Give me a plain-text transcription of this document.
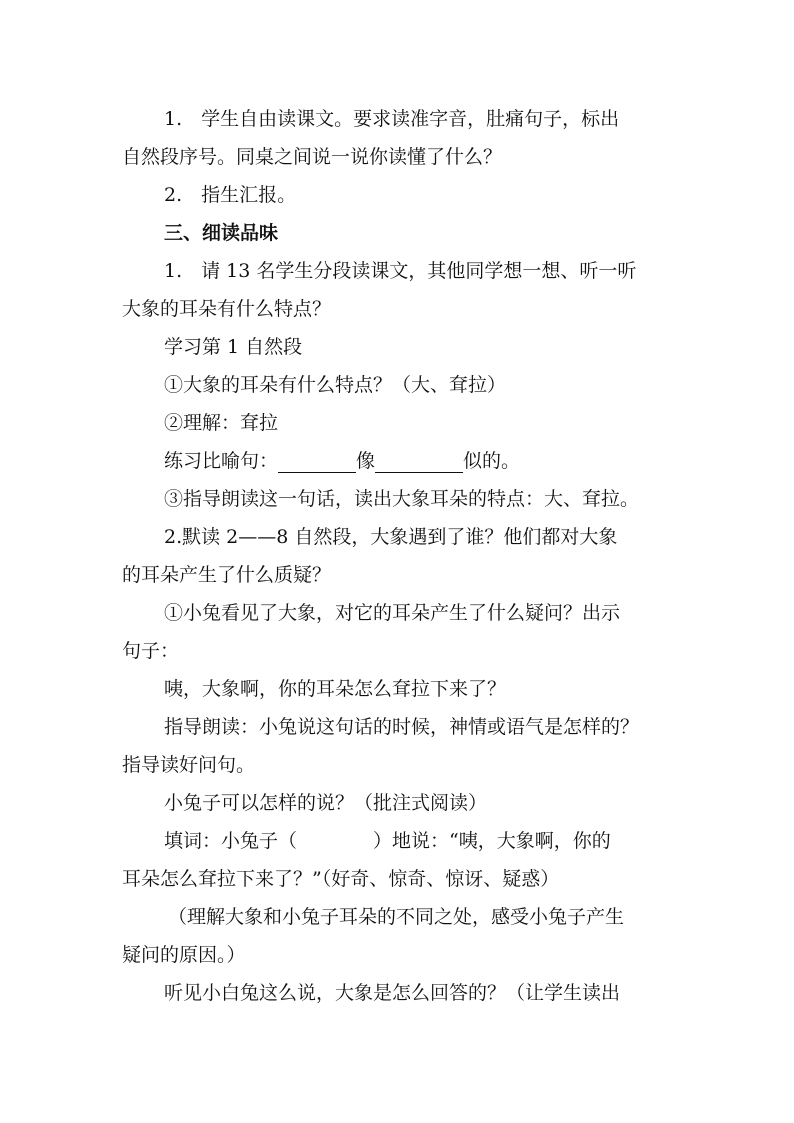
1.　学生自由读课文。要求读准字音，肚痛句子，标出
自然段序号。同桌之间说一说你读懂了什么？
2.　指生汇报。
三、细读品味
1.　请 13 名学生分段读课文，其他同学想一想、听一听
大象的耳朵有什么特点？
学习第 1 自然段
①大象的耳朵有什么特点？（大、耷拉）
②理解：耷拉
练习比喻句：	像	似的。
③指导朗读这一句话，读出大象耳朵的特点：大、耷拉。
2.默读 2——8 自然段，大象遇到了谁？他们都对大象
的耳朵产生了什么质疑？
①小兔看见了大象，对它的耳朵产生了什么疑问？出示
句子：
咦，大象啊，你的耳朵怎么耷拉下来了？
指导朗读：小兔说这句话的时候，神情或语气是怎样的？
指导读好问句。
小兔子可以怎样的说？（批注式阅读）
填词：小兔子（　　　　）地说：“咦，大象啊，你的
耳朵怎么耷拉下来了？”（好奇、惊奇、惊讶、疑惑）
（理解大象和小兔子耳朵的不同之处，感受小兔子产生
疑问的原因。）
听见小白兔这么说，大象是怎么回答的？（让学生读出
